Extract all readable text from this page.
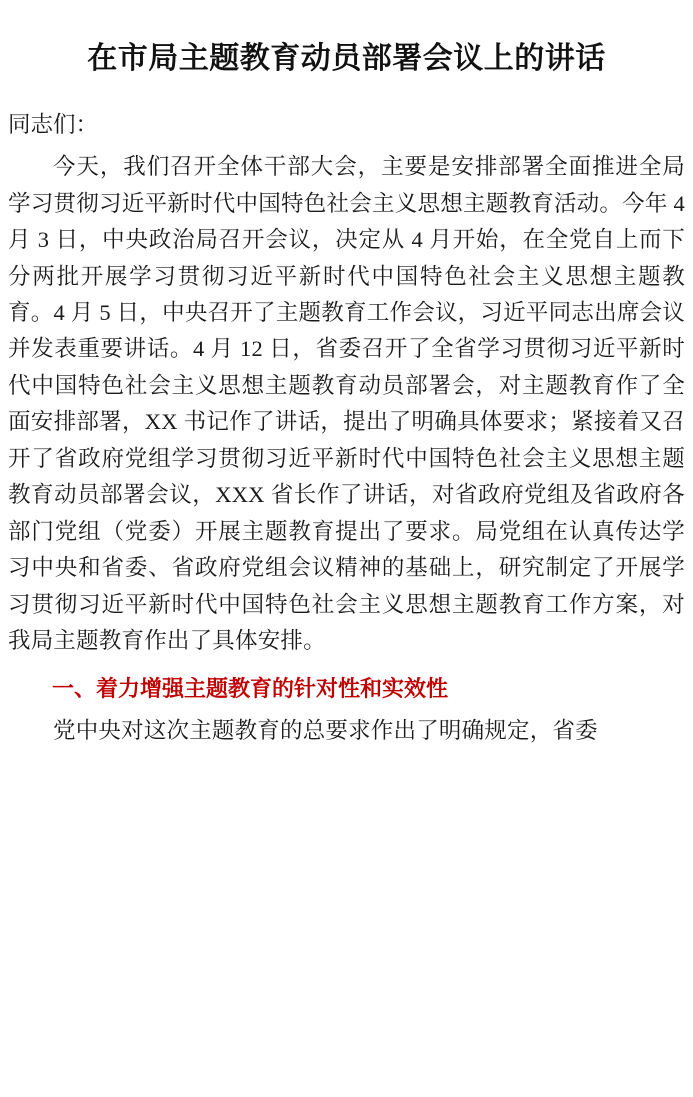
在市局主题教育动员部署会议上的讲话

同志们：

今天，我们召开全体干部大会，主要是安排部署全面推进全局学习贯彻习近平新时代中国特色社会主义思想主题教育活动。今年 4 月 3 日，中央政治局召开会议，决定从 4 月开始，在全党自上而下分两批开展学习贯彻习近平新时代中国特色社会主义思想主题教育。4 月 5 日，中央召开了主题教育工作会议，习近平同志出席会议并发表重要讲话。4 月 12 日，省委召开了全省学习贯彻习近平新时代中国特色社会主义思想主题教育动员部署会，对主题教育作了全面安排部署，XX 书记作了讲话，提出了明确具体要求；紧接着又召开了省政府党组学习贯彻习近平新时代中国特色社会主义思想主题教育动员部署会议，XXX 省长作了讲话，对省政府党组及省政府各部门党组（党委）开展主题教育提出了要求。局党组在认真传达学习中央和省委、省政府党组会议精神的基础上，研究制定了开展学习贯彻习近平新时代中国特色社会主义思想主题教育工作方案，对我局主题教育作出了具体安排。

一、着力增强主题教育的针对性和实效性

党中央对这次主题教育的总要求作出了明确规定，省委
